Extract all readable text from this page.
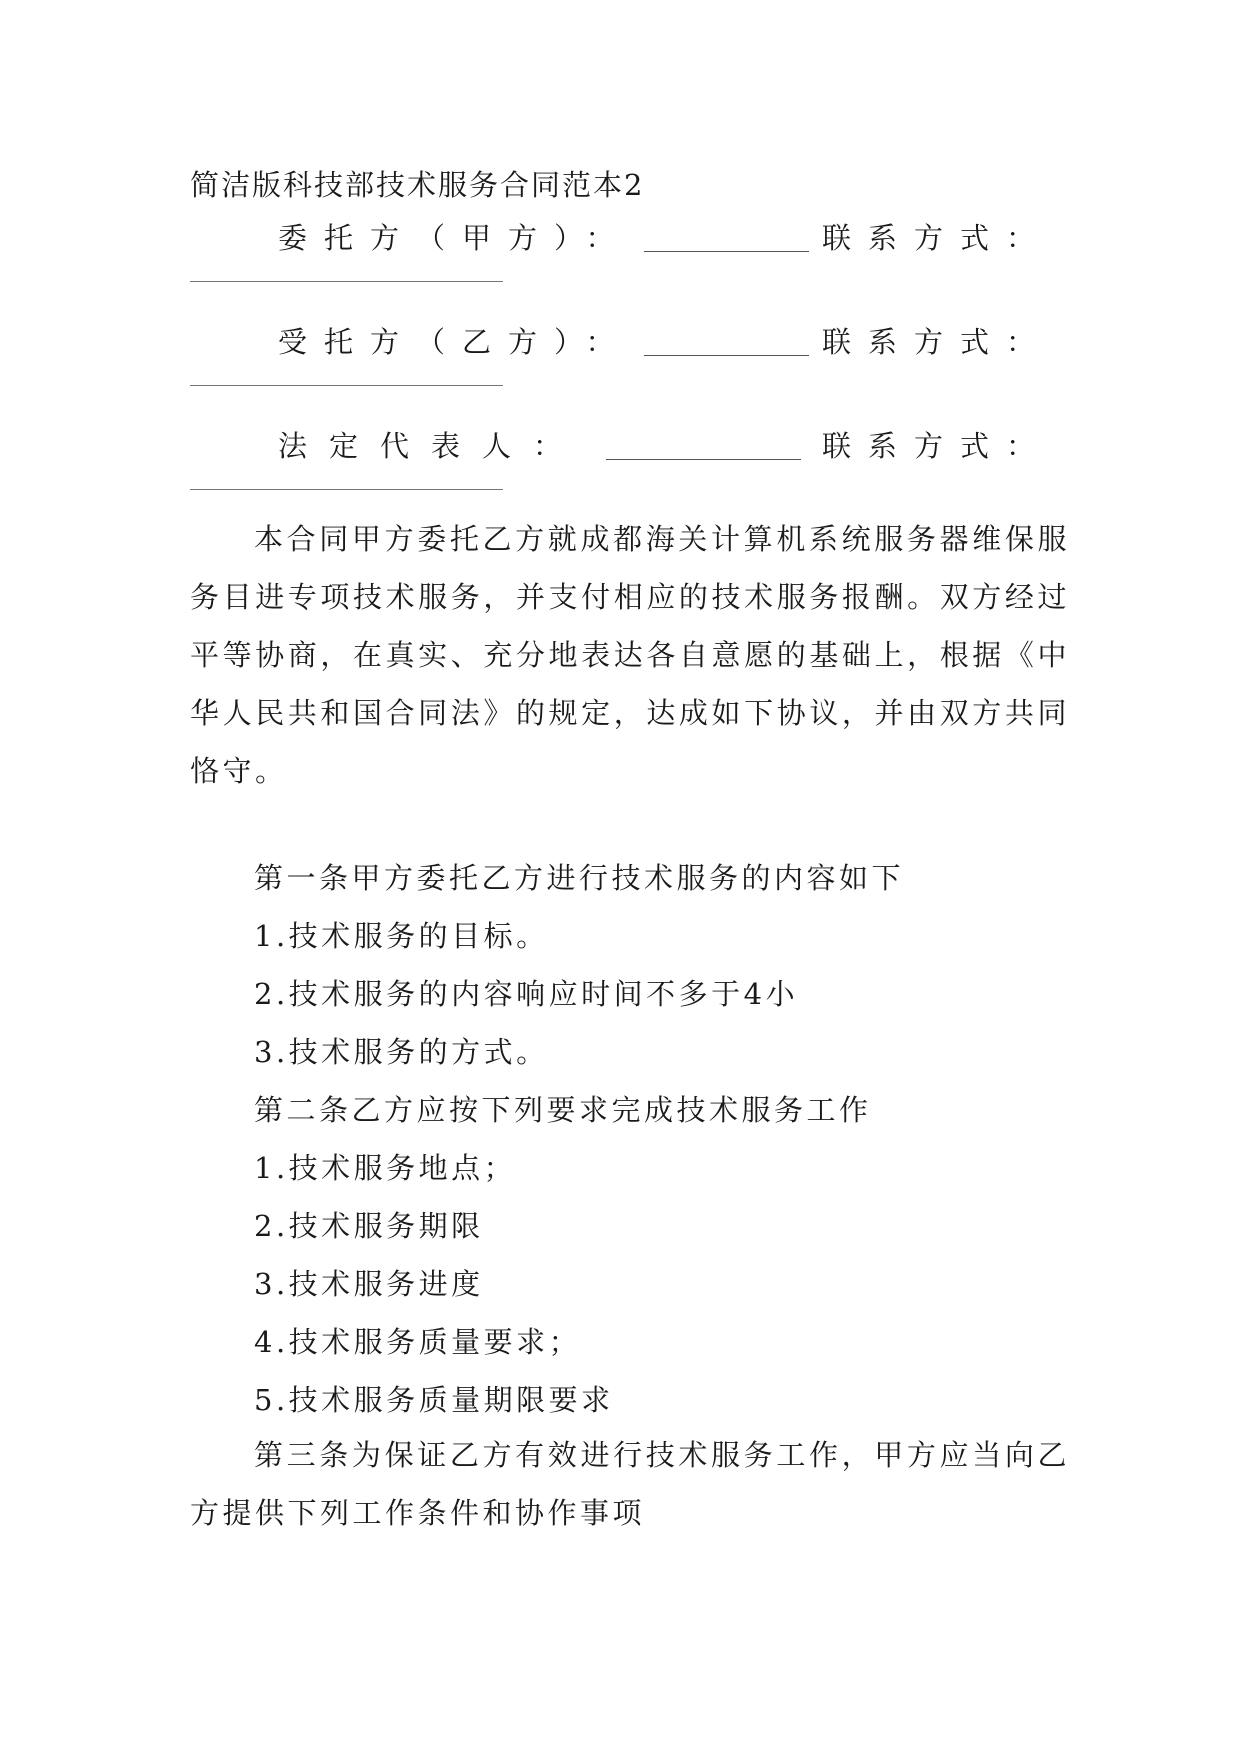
简洁版科技部技术服务合同范本2
委托方（甲方）：	联系方式：
受托方（乙方）：	联系方式：
法定代表人：	联系方式：

本合同甲方委托乙方就成都海关计算机系统服务器维保服务目进专项技术服务，并支付相应的技术服务报酬。双方经过平等协商，在真实、充分地表达各自意愿的基础上，根据《中华人民共和国合同法》的规定，达成如下协议，并由双方共同恪守。

第一条甲方委托乙方进行技术服务的内容如下
1.技术服务的目标。
2.技术服务的内容响应时间不多于4小
3.技术服务的方式。
第二条乙方应按下列要求完成技术服务工作
1.技术服务地点；
2.技术服务期限
3.技术服务进度
4.技术服务质量要求；
5.技术服务质量期限要求

第三条为保证乙方有效进行技术服务工作，甲方应当向乙方提供下列工作条件和协作事项
